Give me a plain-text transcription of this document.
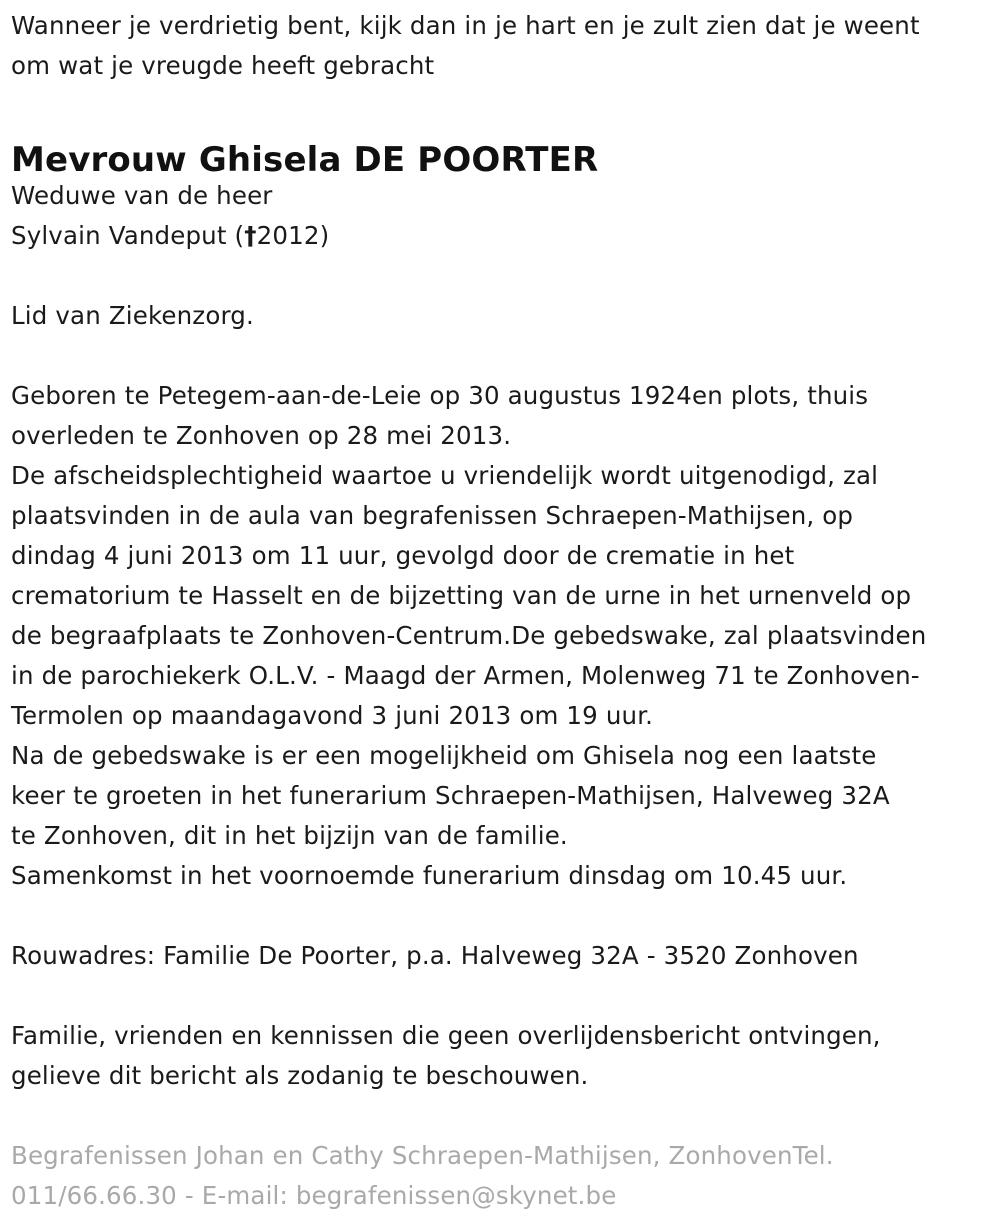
Wanneer je verdrietig bent, kijk dan in je hart en je zult zien dat je weent
om wat je vreugde heeft gebracht
Mevrouw Ghisela DE POORTER
Weduwe van de heer
Sylvain Vandeput (†2012)
Lid van Ziekenzorg.
Geboren te Petegem-aan-de-Leie op 30 augustus 1924en plots, thuis
overleden te Zonhoven op 28 mei 2013.
De afscheidsplechtigheid waartoe u vriendelijk wordt uitgenodigd, zal
plaatsvinden in de aula van begrafenissen Schraepen-Mathijsen, op
dindag 4 juni 2013 om 11 uur, gevolgd door de crematie in het
crematorium te Hasselt en de bijzetting van de urne in het urnenveld op
de begraafplaats te Zonhoven-Centrum.De gebedswake, zal plaatsvinden
in de parochiekerk O.L.V. - Maagd der Armen, Molenweg 71 te Zonhoven-
Termolen op maandagavond 3 juni 2013 om 19 uur.
Na de gebedswake is er een mogelijkheid om Ghisela nog een laatste
keer te groeten in het funerarium Schraepen-Mathijsen, Halveweg 32A
te Zonhoven, dit in het bijzijn van de familie.
Samenkomst in het voornoemde funerarium dinsdag om 10.45 uur.
Rouwadres: Familie De Poorter, p.a. Halveweg 32A - 3520 Zonhoven
Familie, vrienden en kennissen die geen overlijdensbericht ontvingen,
gelieve dit bericht als zodanig te beschouwen.
Begrafenissen Johan en Cathy Schraepen-Mathijsen, ZonhovenTel.
011/66.66.30 - E-mail: begrafenissen@skynet.be
